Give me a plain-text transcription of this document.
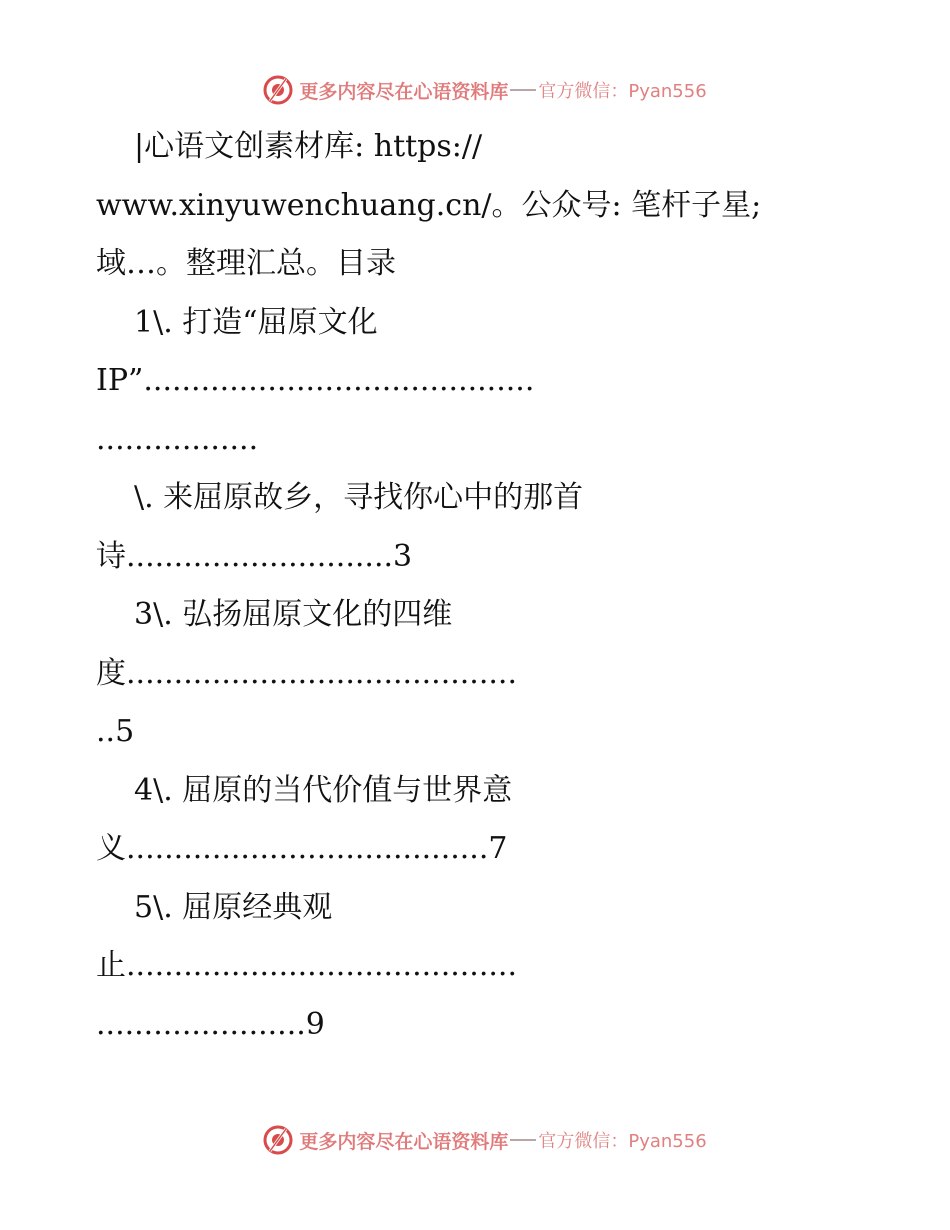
更多内容尽在心语资料库 官方微信：Pyan556
|心语文创素材库: https://
www.xinyuwenchuang.cn/。公众号: 笔杆子星;
域…。整理汇总。目录
1\. 打造“屈原文化
IP”.........................................
.................
\. 来屈原故乡，寻找你心中的那首
诗............................3
3\. 弘扬屈原文化的四维
度.........................................
..5
4\. 屈原的当代价值与世界意
义......................................7
5\. 屈原经典观
止.........................................
......................9
更多内容尽在心语资料库 官方微信：Pyan556
